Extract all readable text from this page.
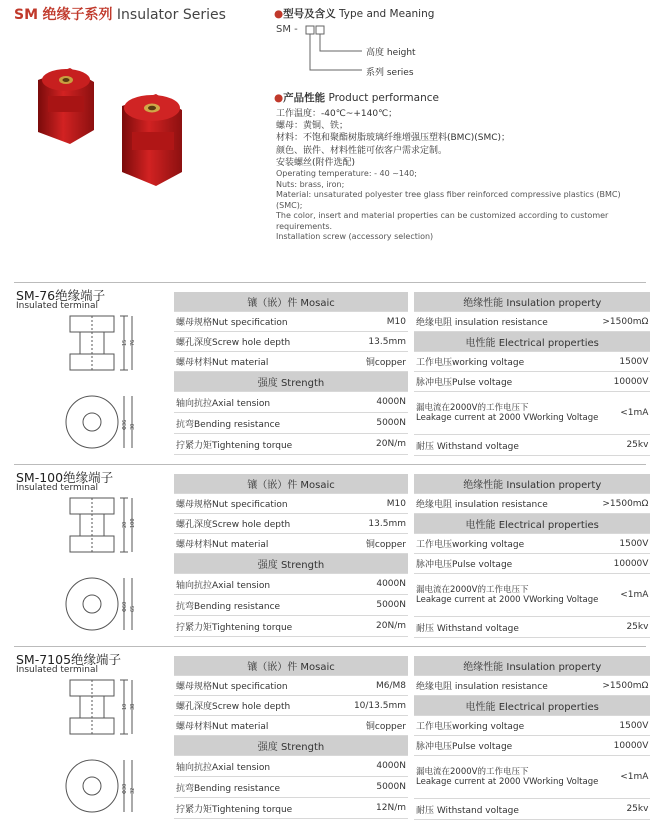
SM 绝缘子系列 Insulator Series	●型号及含义 Type and Meaning
SM -
高度 height
系列 series
●产品性能 Product performance

工作温度：-40℃~+140℃；

螺母：黄铜、铁；

材料：不饱和聚酯树脂玻璃纤维增强压塑料(BMC)(SMC)；

颜色、嵌件、材料性能可依客户需求定制。

安装螺丝(附件选配)

Operating temperature: - 40 ~140;

Nuts: brass, iron;

Material: unsaturated polyester tree glass fiber reinforced compressive plastics (BMC) (SMC);

The color, insert and material properties can be customized according to customer requirements.

Installation screw (accessory selection)

SM-76绝缘端子
Insulated terminal
15 76
Φ36 30
镶（嵌）件 Mosaic	
螺母规格Nut specification	M10
螺孔深度Screw hole depth	13.5mm
螺母材料Nut material	铜copper
强度 Strength	
轴向抗拉Axial tension	4000N
抗弯Bending resistance	5000N
拧紧力矩Tightening torque	20N/m
绝缘性能 Insulation property	
绝缘电阻 insulation resistance	>1500mΩ
电性能 Electrical properties	
工作电压working voltage	1500V
脉冲电压Pulse voltage	10000V
漏电流在2000V的工作电压下
Leakage current at 2000 VWorking Voltage	<1mA
耐压 Withstand voltage	25kv
SM-100绝缘端子
Insulated terminal
20 100
Φ60 65
镶（嵌）件 Mosaic	
螺母规格Nut specification	M10
螺孔深度Screw hole depth	13.5mm
螺母材料Nut material	铜copper
强度 Strength	
轴向抗拉Axial tension	4000N
抗弯Bending resistance	5000N
拧紧力矩Tightening torque	20N/m
绝缘性能 Insulation property	
绝缘电阻 insulation resistance	>1500mΩ
电性能 Electrical properties	
工作电压working voltage	1500V
脉冲电压Pulse voltage	10000V
漏电流在2000V的工作电压下
Leakage current at 2000 VWorking Voltage	<1mA
耐压 Withstand voltage	25kv
SM-7105绝缘端子
Insulated terminal
10 38
Φ30 32
镶（嵌）件 Mosaic	
螺母规格Nut specification	M6/M8
螺孔深度Screw hole depth	10/13.5mm
螺母材料Nut material	铜copper
强度 Strength	
轴向抗拉Axial tension	4000N
抗弯Bending resistance	5000N
拧紧力矩Tightening torque	12N/m
绝缘性能 Insulation property	
绝缘电阻 insulation resistance	>1500mΩ
电性能 Electrical properties	
工作电压working voltage	1500V
脉冲电压Pulse voltage	10000V
漏电流在2000V的工作电压下
Leakage current at 2000 VWorking Voltage	<1mA
耐压 Withstand voltage	25kv
